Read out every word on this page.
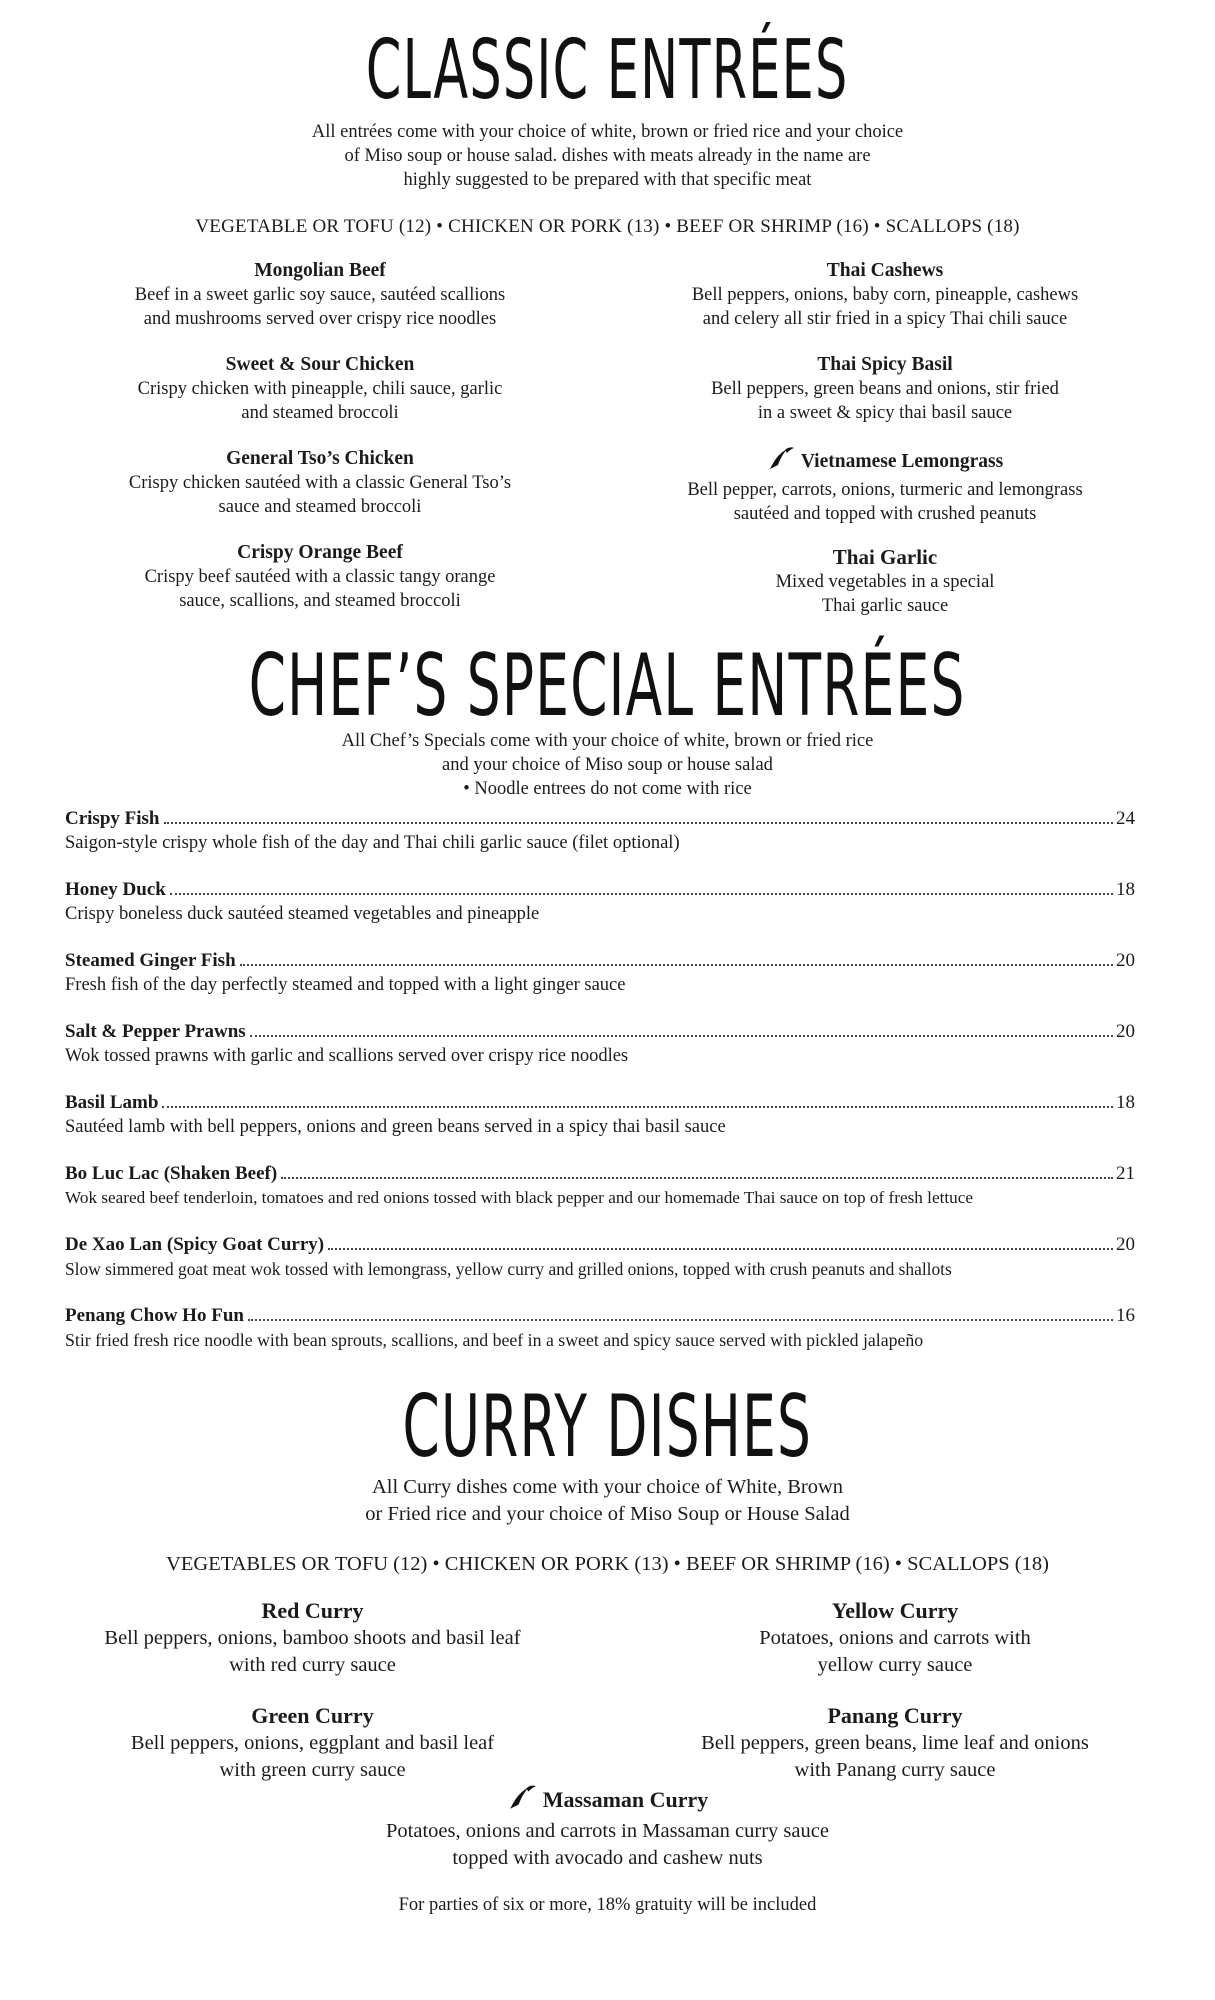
CLASSIC ENTRÉES
All entrées come with your choice of white, brown or fried rice and your choice
of Miso soup or house salad. dishes with meats already in the name are
highly suggested to be prepared with that specific meat
VEGETABLE OR TOFU (12) • CHICKEN OR PORK (13) • BEEF OR SHRIMP (16) • SCALLOPS (18)
Mongolian Beef
Beef in a sweet garlic soy sauce, sautéed scallions
and mushrooms served over crispy rice noodles
Sweet & Sour Chicken
Crispy chicken with pineapple, chili sauce, garlic
and steamed broccoli
General Tso’s Chicken
Crispy chicken sautéed with a classic General Tso’s
sauce and steamed broccoli
Crispy Orange Beef
Crispy beef sautéed with a classic tangy orange
sauce, scallions, and steamed broccoli
Thai Cashews
Bell peppers, onions, baby corn, pineapple, cashews
and celery all stir fried in a spicy Thai chili sauce
Thai Spicy Basil
Bell peppers, green beans and onions, stir fried
in a sweet & spicy thai basil sauce
Vietnamese Lemongrass
Bell pepper, carrots, onions, turmeric and lemongrass
sautéed and topped with crushed peanuts
Thai Garlic
Mixed vegetables in a special
Thai garlic sauce
CHEF’S SPECIAL ENTRÉES
All Chef’s Specials come with your choice of white, brown or fried rice
and your choice of Miso soup or house salad
• Noodle entrees do not come with rice
Crispy Fish	24
Saigon-style crispy whole fish of the day and Thai chili garlic sauce (filet optional)
Honey Duck	18
Crispy boneless duck sautéed steamed vegetables and pineapple
Steamed Ginger Fish	20
Fresh fish of the day perfectly steamed and topped with a light ginger sauce
Salt & Pepper Prawns	20
Wok tossed prawns with garlic and scallions served over crispy rice noodles
Basil Lamb	18
Sautéed lamb with bell peppers, onions and green beans served in a spicy thai basil sauce
Bo Luc Lac (Shaken Beef)	21
Wok seared beef tenderloin, tomatoes and red onions tossed with black pepper and our homemade Thai sauce on top of fresh lettuce
De Xao Lan (Spicy Goat Curry)	20
Slow simmered goat meat wok tossed with lemongrass, yellow curry and grilled onions, topped with crush peanuts and shallots
Penang Chow Ho Fun	16
Stir fried fresh rice noodle with bean sprouts, scallions, and beef in a sweet and spicy sauce served with pickled jalapeño
CURRY DISHES
All Curry dishes come with your choice of White, Brown
or Fried rice and your choice of Miso Soup or House Salad
VEGETABLES OR TOFU (12) • CHICKEN OR PORK (13) • BEEF OR SHRIMP (16) • SCALLOPS (18)
Red Curry
Bell peppers, onions, bamboo shoots and basil leaf
with red curry sauce
Yellow Curry
Potatoes, onions and carrots with
yellow curry sauce
Green Curry
Bell peppers, onions, eggplant and basil leaf
with green curry sauce
Panang Curry
Bell peppers, green beans, lime leaf and onions
with Panang curry sauce
Massaman Curry
Potatoes, onions and carrots in Massaman curry sauce
topped with avocado and cashew nuts
For parties of six or more, 18% gratuity will be included
